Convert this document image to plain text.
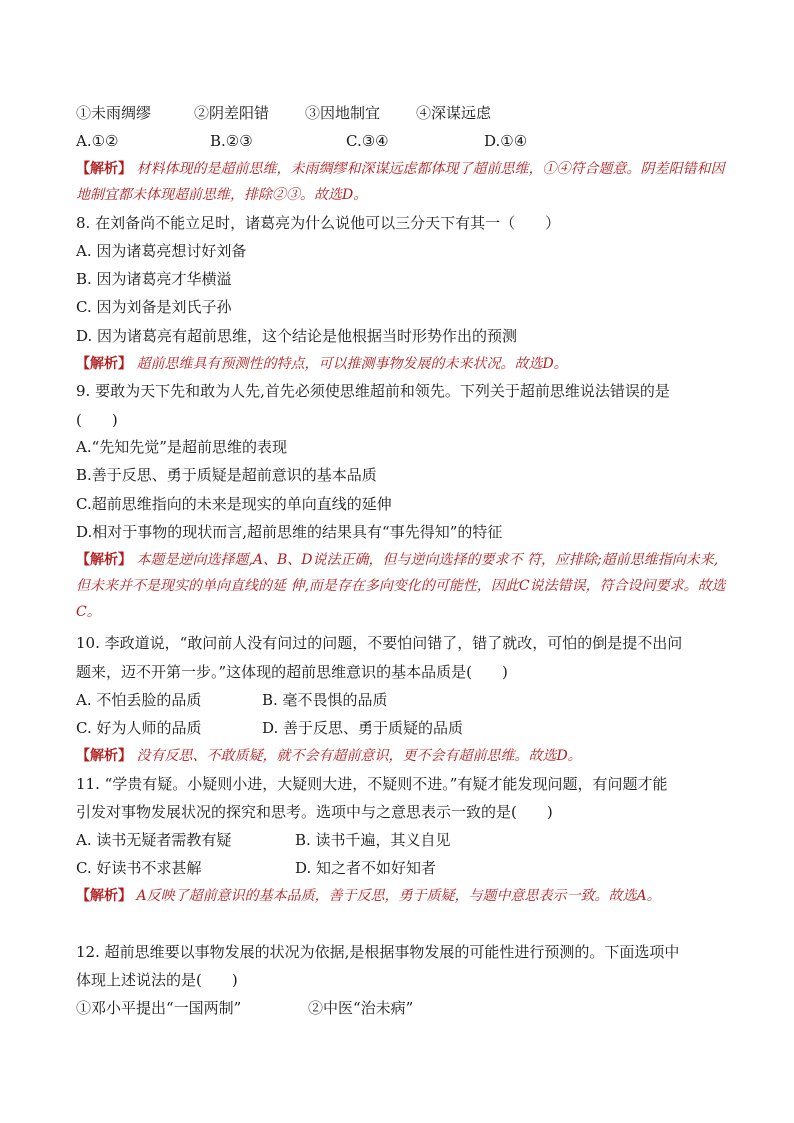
①未雨绸缪	②阴差阳错 ③因地制宜 ④深谋远虑
A.①②	B.②③	C.③④	D.①④
【解析】 材料体现的是超前思维，未雨绸缪和深谋远虑都体现了超前思维，①④符合题意。阴差阳错和因地制宜都未体现超前思维，排除②③。故选D。
8. 在刘备尚不能立足时，诸葛亮为什么说他可以三分天下有其一（　　）
A. 因为诸葛亮想讨好刘备
B. 因为诸葛亮才华横溢
C. 因为刘备是刘氏子孙
D. 因为诸葛亮有超前思维，这个结论是他根据当时形势作出的预测
【解析】 超前思维具有预测性的特点，可以推测事物发展的未来状况。故选D。
9. 要敢为天下先和敢为人先,首先必须使思维超前和领先。下列关于超前思维说法错误的是
(　　)
A.“先知先觉”是超前思维的表现
B.善于反思、勇于质疑是超前意识的基本品质
C.超前思维指向的未来是现实的单向直线的延伸
D.相对于事物的现状而言,超前思维的结果具有“事先得知”的特征
【解析】 本题是逆向选择题,A、B、D说法正确，但与逆向选择的要求不 符，应排除;超前思维指向未来,但未来并不是现实的单向直线的延 伸,而是存在多向变化的可能性，因此C说法错误，符合设问要求。故选C。
10. 李政道说，“敢问前人没有问过的问题，不要怕问错了，错了就改，可怕的倒是提不出问
题来，迈不开第一步。”这体现的超前思维意识的基本品质是(　　)
A. 不怕丢脸的品质	B. 毫不畏惧的品质
C. 好为人师的品质	D. 善于反思、勇于质疑的品质
【解析】 没有反思、不敢质疑，就不会有超前意识，更不会有超前思维。故选D。
11. “学贵有疑。小疑则小进，大疑则大进，不疑则不进。”有疑才能发现问题，有问题才能
引发对事物发展状况的探究和思考。选项中与之意思表示一致的是(　　)
A. 读书无疑者需教有疑	B. 读书千遍，其义自见
C. 好读书不求甚解	D. 知之者不如好知者
【解析】 A反映了超前意识的基本品质，善于反思，勇于质疑，与题中意思表示一致。故选A。
12. 超前思维要以事物发展的状况为依据,是根据事物发展的可能性进行预测的。下面选项中
体现上述说法的是(　　)
①邓小平提出“一国两制”	②中医“治未病”
